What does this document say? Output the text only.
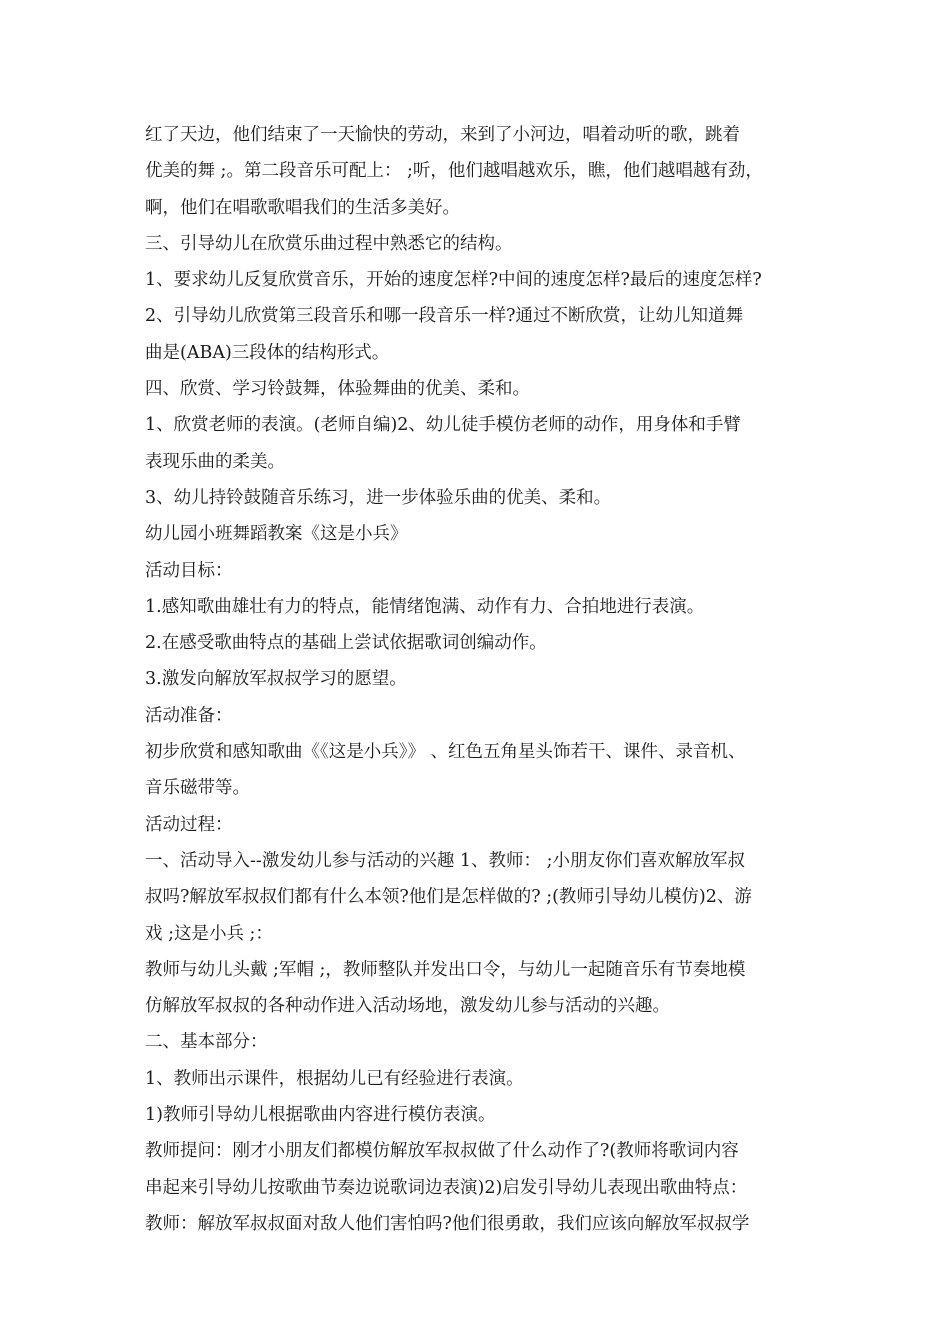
红了天边，他们结束了一天愉快的劳动，来到了小河边，唱着动听的歌，跳着
优美的舞 ;。第二段音乐可配上： ;听，他们越唱越欢乐，瞧，他们越唱越有劲，
啊，他们在唱歌歌唱我们的生活多美好。
三、引导幼儿在欣赏乐曲过程中熟悉它的结构。
1、要求幼儿反复欣赏音乐，开始的速度怎样?中间的速度怎样?最后的速度怎样?
2、引导幼儿欣赏第三段音乐和哪一段音乐一样?通过不断欣赏，让幼儿知道舞
曲是(ABA)三段体的结构形式。
四、欣赏、学习铃鼓舞，体验舞曲的优美、柔和。
1、欣赏老师的表演。(老师自编)2、幼儿徒手模仿老师的动作，用身体和手臂
表现乐曲的柔美。
3、幼儿持铃鼓随音乐练习，进一步体验乐曲的优美、柔和。
幼儿园小班舞蹈教案《这是小兵》
活动目标：
1.感知歌曲雄壮有力的特点，能情绪饱满、动作有力、合拍地进行表演。
2.在感受歌曲特点的基础上尝试依据歌词创编动作。
3.激发向解放军叔叔学习的愿望。
活动准备：
初步欣赏和感知歌曲《《这是小兵》》 、红色五角星头饰若干、课件、录音机、
音乐磁带等。
活动过程：
一、活动导入--激发幼儿参与活动的兴趣 1、教师： ;小朋友你们喜欢解放军叔
叔吗?解放军叔叔们都有什么本领?他们是怎样做的? ;(教师引导幼儿模仿)2、游
戏 ;这是小兵 ;：
教师与幼儿头戴 ;军帽 ;，教师整队并发出口令，与幼儿一起随音乐有节奏地模
仿解放军叔叔的各种动作进入活动场地，激发幼儿参与活动的兴趣。
二、基本部分：
1、教师出示课件，根据幼儿已有经验进行表演。
1)教师引导幼儿根据歌曲内容进行模仿表演。
教师提问：刚才小朋友们都模仿解放军叔叔做了什么动作了?(教师将歌词内容
串起来引导幼儿按歌曲节奏边说歌词边表演)2)启发引导幼儿表现出歌曲特点：
教师：解放军叔叔面对敌人他们害怕吗?他们很勇敢，我们应该向解放军叔叔学
